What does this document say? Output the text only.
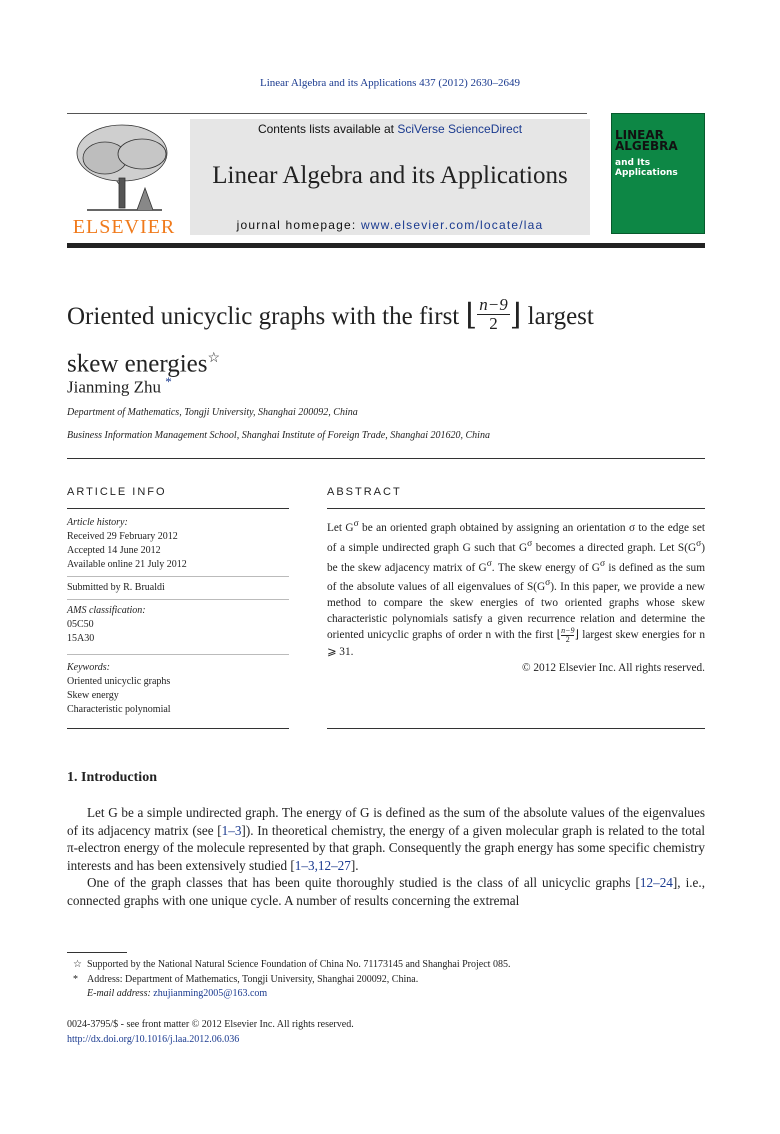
Linear Algebra and its Applications 437 (2012) 2630–2649
ELSEVIER
Contents lists available at SciVerse ScienceDirect
Linear Algebra and its Applications
journal homepage: www.elsevier.com/locate/laa
LINEAR
ALGEBRA
and Its
Applications
Oriented unicyclic graphs with the first ⌊ $\frac{n-9}{2}$ ⌋ largest
skew energies☆
Jianming Zhu *
Department of Mathematics, Tongji University, Shanghai 200092, China
Business Information Management School, Shanghai Institute of Foreign Trade, Shanghai 201620, China
ARTICLE INFO	ABSTRACT
Article history:
Received 29 February 2012
Accepted 14 June 2012
Available online 21 July 2012
Submitted by R. Brualdi
AMS classification:
05C50
15A30
Keywords:
Oriented unicyclic graphs
Skew energy
Characteristic polynomial
Let $G^\sigma$ be an oriented graph obtained by assigning an orientation σ to the edge set of a simple undirected graph G such that $G^\sigma$ becomes a directed graph. Let $S(G^\sigma)$ be the skew adjacency matrix of $G^\sigma$. The skew energy of $G^\sigma$ is defined as the sum of the absolute values of all eigenvalues of $S(G^\sigma)$. In this paper, we provide a new method to compare the skew energies of two oriented graphs whose skew characteristic polynomials satisfy a given recurrence relation and determine the oriented unicyclic graphs of order n with the first ⌊ $\frac{n-9}{2}⌋$ largest skew energies for n ⩾ 31.
© 2012 Elsevier Inc. All rights reserved.
1. Introduction

Let G be a simple undirected graph. The energy of G is defined as the sum of the absolute values of the eigenvalues of its adjacency matrix (see [1–3]). In theoretical chemistry, the energy of a given molecular graph is related to the total π-electron energy of the molecule represented by that graph. Consequently the graph energy has some specific chemistry interests and has been extensively studied [1–3,12–27].

One of the graph classes that has been quite thoroughly studied is the class of all unicyclic graphs [12–24], i.e., connected graphs with one unique cycle. A number of results concerning the extremal

☆ Supported by the National Natural Science Foundation of China No. 71173145 and Shanghai Project 085.
* Address: Department of Mathematics, Tongji University, Shanghai 200092, China.
E-mail address: zhujianming2005@163.com
0024-3795/$ - see front matter © 2012 Elsevier Inc. All rights reserved.
http://dx.doi.org/10.1016/j.laa.2012.06.036
